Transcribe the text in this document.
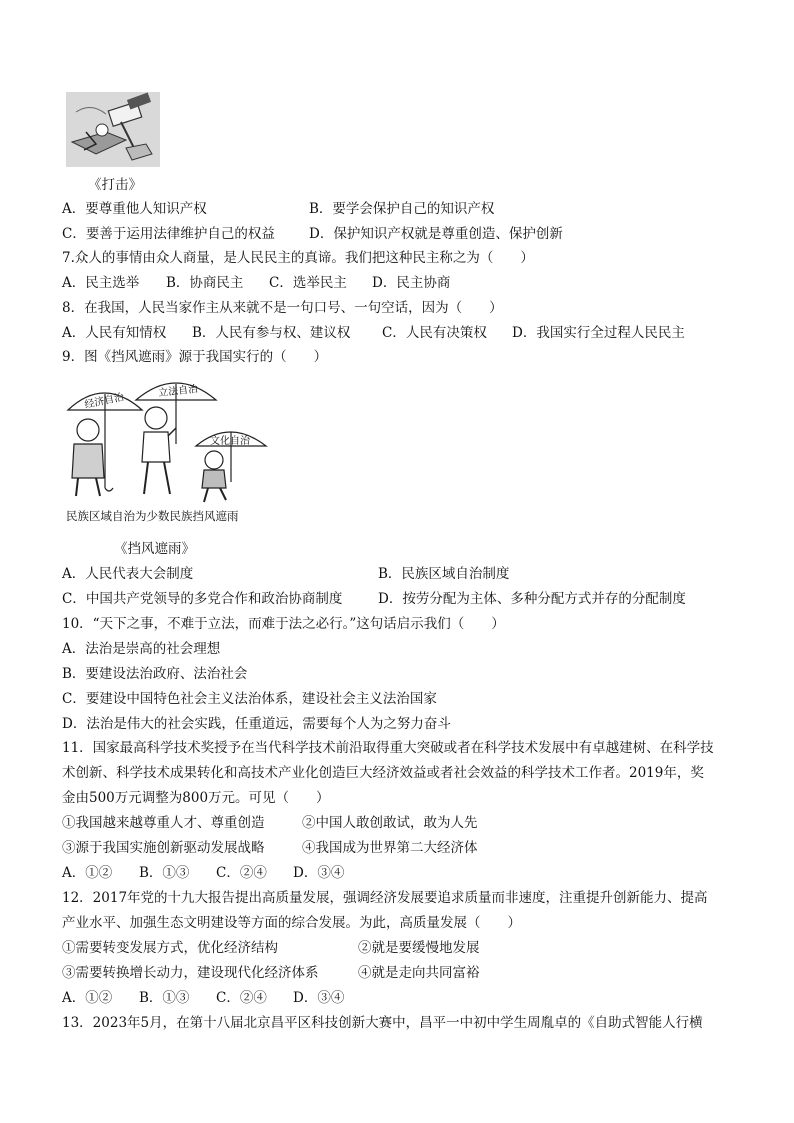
《打击》
A．要尊重他人知识产权	B．要学会保护自己的知识产权
C．要善于运用法律维护自己的权益	D．保护知识产权就是尊重创造、保护创新
7.众人的事情由众人商量，是人民民主的真谛。我们把这种民主称之为（　　）
A．民主选举 B．协商民主 C．选举民主 D．民主协商
8．在我国，人民当家作主从来就不是一句口号、一句空话，因为（　　）
A．人民有知情权 B．人民有参与权、建议权 C．人民有决策权 D．我国实行全过程人民民主
9．图《挡风遮雨》源于我国实行的（　　）
经济自治
立法自治
文化自治
民族区域自治为少数民族挡风遮雨
《挡风遮雨》
A．人民代表大会制度	B．民族区域自治制度
C．中国共产党领导的多党合作和政治协商制度	D．按劳分配为主体、多种分配方式并存的分配制度
10．“天下之事，不难于立法，而难于法之必行。”这句话启示我们（　　）
A．法治是崇高的社会理想
B．要建设法治政府、法治社会
C．要建设中国特色社会主义法治体系，建设社会主义法治国家
D．法治是伟大的社会实践，任重道远，需要每个人为之努力奋斗
11．国家最高科学技术奖授予在当代科学技术前沿取得重大突破或者在科学技术发展中有卓越建树、在科学技
术创新、科学技术成果转化和高技术产业化创造巨大经济效益或者社会效益的科学技术工作者。2019年，奖
金由500万元调整为800万元。可见（　　）
①我国越来越尊重人才、尊重创造	②中国人敢创敢试，敢为人先
③源于我国实施创新驱动发展战略	④我国成为世界第二大经济体
A．①② B．①③ C．②④ D．③④
12．2017年党的十九大报告提出高质量发展，强调经济发展要追求质量而非速度，注重提升创新能力、提高
产业水平、加强生态文明建设等方面的综合发展。为此，高质量发展（　　）
①需要转变发展方式，优化经济结构	②就是要缓慢地发展
③需要转换增长动力，建设现代化经济体系	④就是走向共同富裕
A．①② B．①③ C．②④ D．③④
13．2023年5月，在第十八届北京昌平区科技创新大赛中，昌平一中初中学生周胤卓的《自助式智能人行横
